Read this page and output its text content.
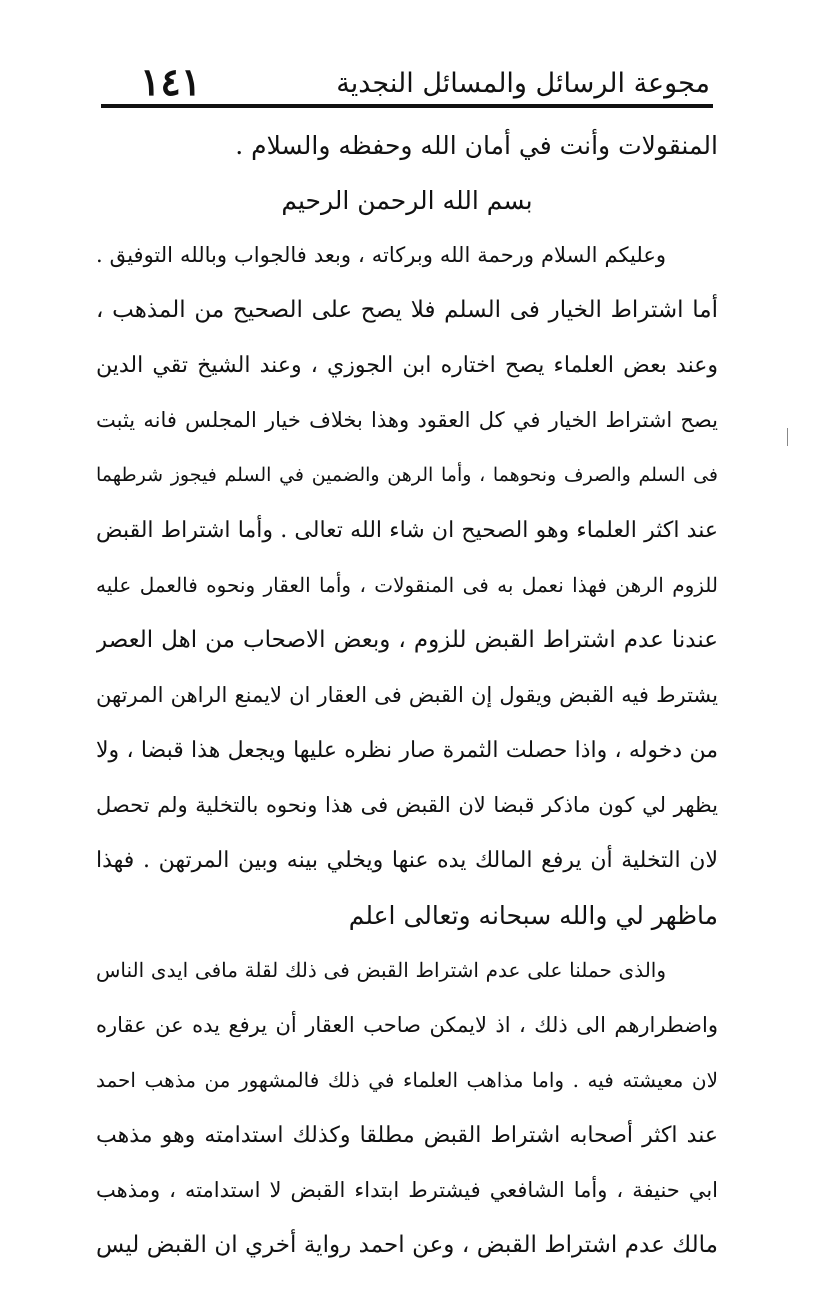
مجوعة الرسائل والمسائل النجدية
١٤١
المنقولات وأنت في أمان الله وحفظه والسلام .
بسم الله الرحمن الرحيم
وعليكم السلام ورحمة الله وبركاته ، وبعد فالجواب وبالله التوفيق .
أما اشتراط الخيار فى السلم فلا يصح على الصحيح من المذهب ،
وعند بعض العلماء يصح اختاره ابن الجوزي ، وعند الشيخ تقي الدين
يصح اشتراط الخيار في كل العقود وهذا بخلاف خيار المجلس فانه يثبت
فى السلم والصرف ونحوهما ، وأما الرهن والضمين في السلم فيجوز شرطهما
عند اكثر العلماء وهو الصحيح ان شاء الله تعالى . وأما اشتراط القبض
للزوم الرهن فهذا نعمل به فى المنقولات ، وأما العقار ونحوه فالعمل عليه
عندنا عدم اشتراط القبض للزوم ، وبعض الاصحاب من اهل العصر
يشترط فيه القبض ويقول إن القبض فى العقار ان لايمنع الراهن المرتهن
من دخوله ، واذا حصلت الثمرة صار نظره عليها ويجعل هذا قبضا ، ولا
يظهر لي كون ماذكر قبضا لان القبض فى هذا ونحوه بالتخلية ولم تحصل
لان التخلية أن يرفع المالك يده عنها ويخلي بينه وبين المرتهن . فهذا
ماظهر لي والله سبحانه وتعالى اعلم
والذى حملنا على عدم اشتراط القبض فى ذلك لقلة مافى ايدى الناس
واضطرارهم الى ذلك ، اذ لايمكن صاحب العقار أن يرفع يده عن عقاره
لان معيشته فيه . واما مذاهب العلماء في ذلك فالمشهور من مذهب احمد
عند اكثر أصحابه اشتراط القبض مطلقا وكذلك استدامته وهو مذهب
ابي حنيفة ، وأما الشافعي فيشترط ابتداء القبض لا استدامته ، ومذهب
مالك عدم اشتراط القبض ، وعن احمد رواية أخري ان القبض ليس
